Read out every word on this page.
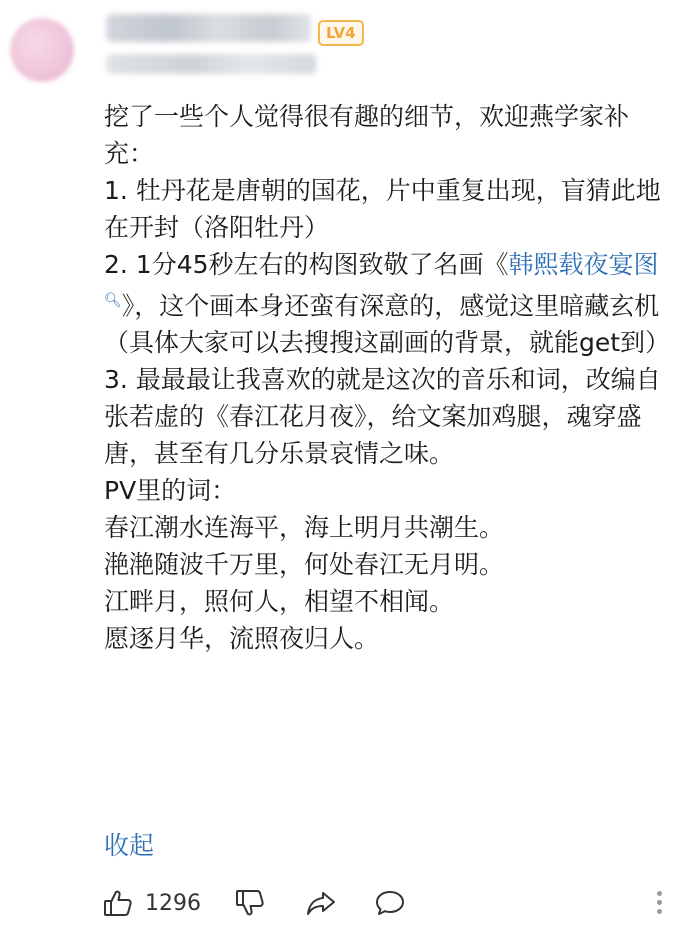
LV4

挖了一些个人觉得很有趣的细节，欢迎燕学家补充：

1. 牡丹花是唐朝的国花，片中重复出现，盲猜此地在开封（洛阳牡丹）

2. 1分45秒左右的构图致敬了名画《韩熙载夜宴图🔍︎》，这个画本身还蛮有深意的，感觉这里暗藏玄机（具体大家可以去搜搜这副画的背景，就能get到）

3. 最最最让我喜欢的就是这次的音乐和词，改编自张若虚的《春江花月夜》，给文案加鸡腿，魂穿盛唐，甚至有几分乐景哀情之味。

PV里的词：

春江潮水连海平，海上明月共潮生。

滟滟随波千万里，何处春江无月明。

江畔月，照何人，相望不相闻。

愿逐月华，流照夜归人。

收起
1296
